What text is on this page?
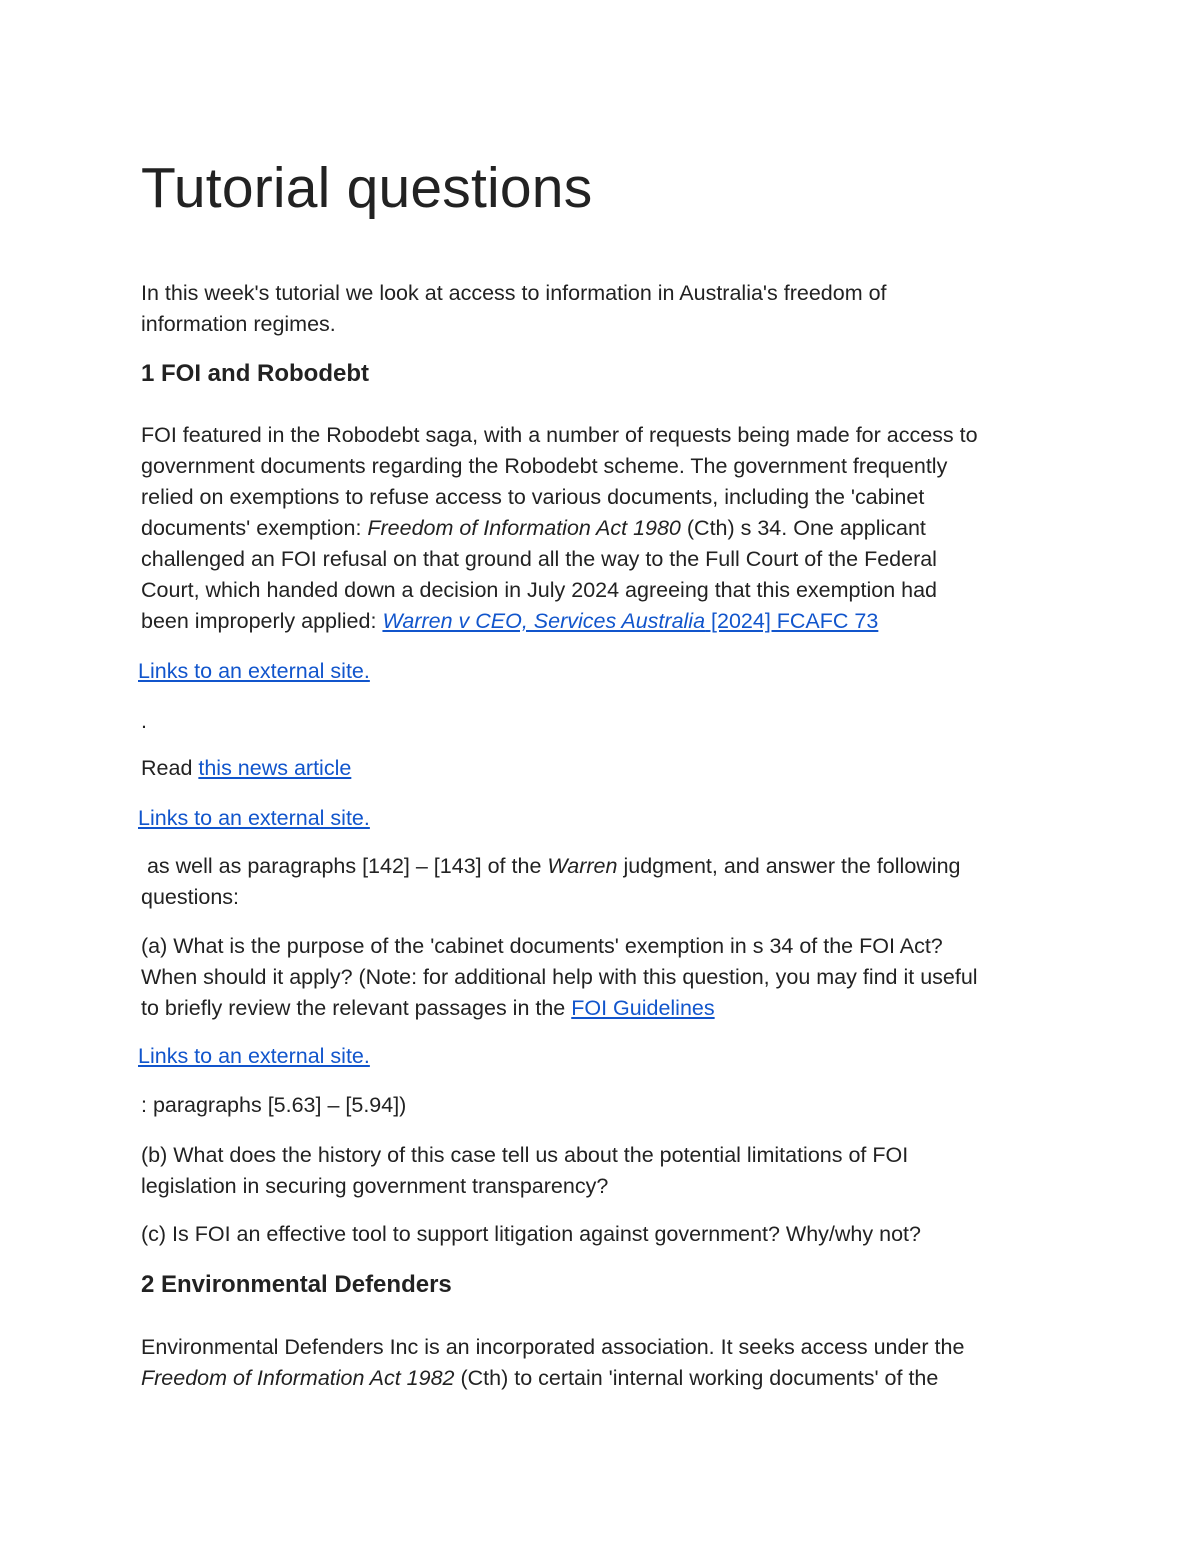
Tutorial questions
In this week's tutorial we look at access to information in Australia's freedom of
information regimes.
1 FOI and Robodebt
FOI featured in the Robodebt saga, with a number of requests being made for access to
government documents regarding the Robodebt scheme. The government frequently
relied on exemptions to refuse access to various documents, including the 'cabinet
documents' exemption: Freedom of Information Act 1980 (Cth) s 34. One applicant
challenged an FOI refusal on that ground all the way to the Full Court of the Federal
Court, which handed down a decision in July 2024 agreeing that this exemption had
been improperly applied: Warren v CEO, Services Australia [2024] FCAFC 73
Links to an external site.
.
Read this news article
Links to an external site.
as well as paragraphs [142] – [143] of the Warren judgment, and answer the following
questions:
(a) What is the purpose of the 'cabinet documents' exemption in s 34 of the FOI Act?
When should it apply? (Note: for additional help with this question, you may find it useful
to briefly review the relevant passages in the FOI Guidelines
Links to an external site.
: paragraphs [5.63] – [5.94])
(b) What does the history of this case tell us about the potential limitations of FOI
legislation in securing government transparency?
(c) Is FOI an effective tool to support litigation against government? Why/why not?
2 Environmental Defenders
Environmental Defenders Inc is an incorporated association. It seeks access under the
Freedom of Information Act 1982 (Cth) to certain 'internal working documents' of the
